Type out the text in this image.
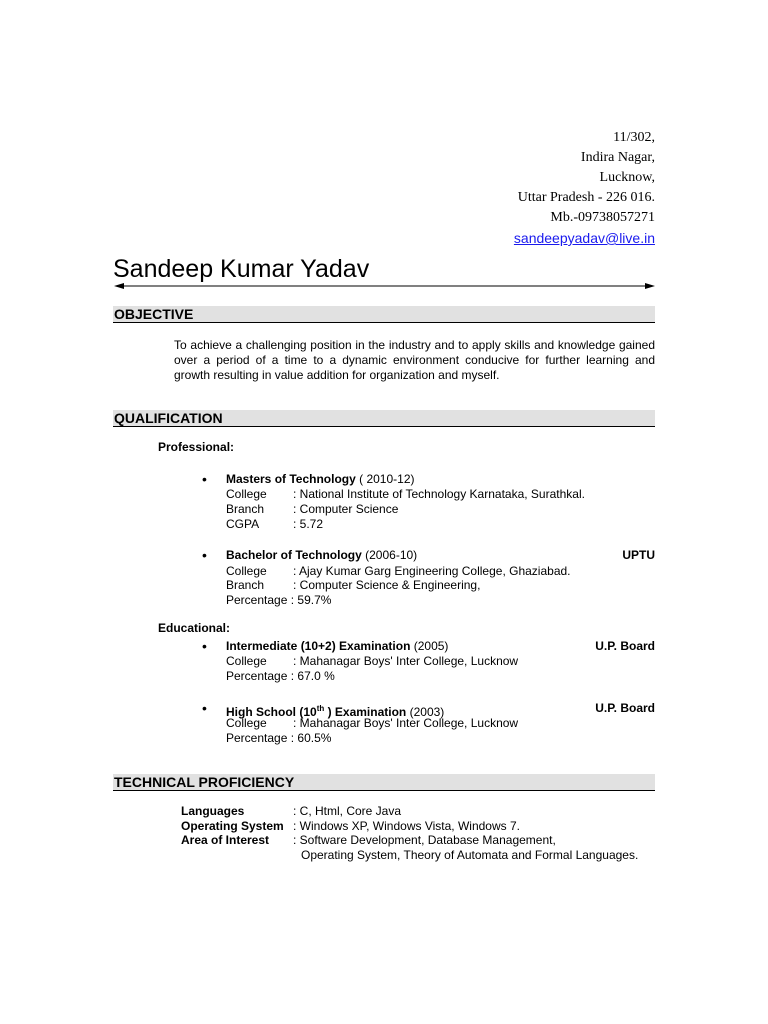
11/302,
Indira Nagar,
Lucknow,
Uttar Pradesh - 226 016.
Mb.-09738057271
sandeepyadav@live.in
Sandeep Kumar Yadav
OBJECTIVE
To achieve a challenging position in the industry and to apply skills and knowledge gained over a period of a time to a dynamic environment conducive for further learning and growth resulting in value addition for organization and myself.
QUALIFICATION
Professional:
• Masters of Technology ( 2010-12)
College : National Institute of Technology Karnataka, Surathkal.
Branch : Computer Science
CGPA	: 5.72
• Bachelor of Technology (2006-10)	UPTU
College : Ajay Kumar Garg Engineering College, Ghaziabad.
Branch : Computer Science & Engineering,
Percentage : 59.7%
Educational:
• Intermediate (10+2) Examination (2005)	U.P. Board
College : Mahanagar Boys' Inter College, Lucknow
Percentage : 67.0 %
• High School (10th ) Examination (2003)	U.P. Board
College : Mahanagar Boys' Inter College, Lucknow
Percentage : 60.5%
TECHNICAL PROFICIENCY
Languages	: C, Html, Core Java
Operating System : Windows XP, Windows Vista, Windows 7.
Area of Interest : Software Development, Database Management,
Operating System, Theory of Automata and Formal Languages.
